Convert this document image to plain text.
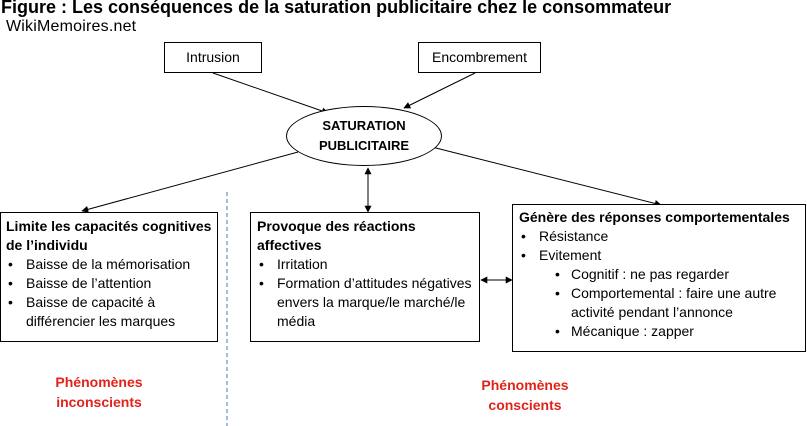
Figure : Les conséquences de la saturation publicitaire chez le consommateur
WikiMemoires.net
Intrusion	Encombrement
SATURATION
PUBLICITAIRE
Limite les capacités cognitives de l’individu
• Baisse de la mémorisation
• Baisse de l’attention
• Baisse de capacité à différencier les marques
Provoque des réactions affectives
• Irritation
• Formation d’attitudes négatives envers la marque/le marché/le média
Génère des réponses comportementales
• Résistance
• Evitement
• Cognitif : ne pas regarder
• Comportemental : faire une autre activité pendant l’annonce
• Mécanique : zapper
Phénomènes inconscients
Phénomènes conscients
